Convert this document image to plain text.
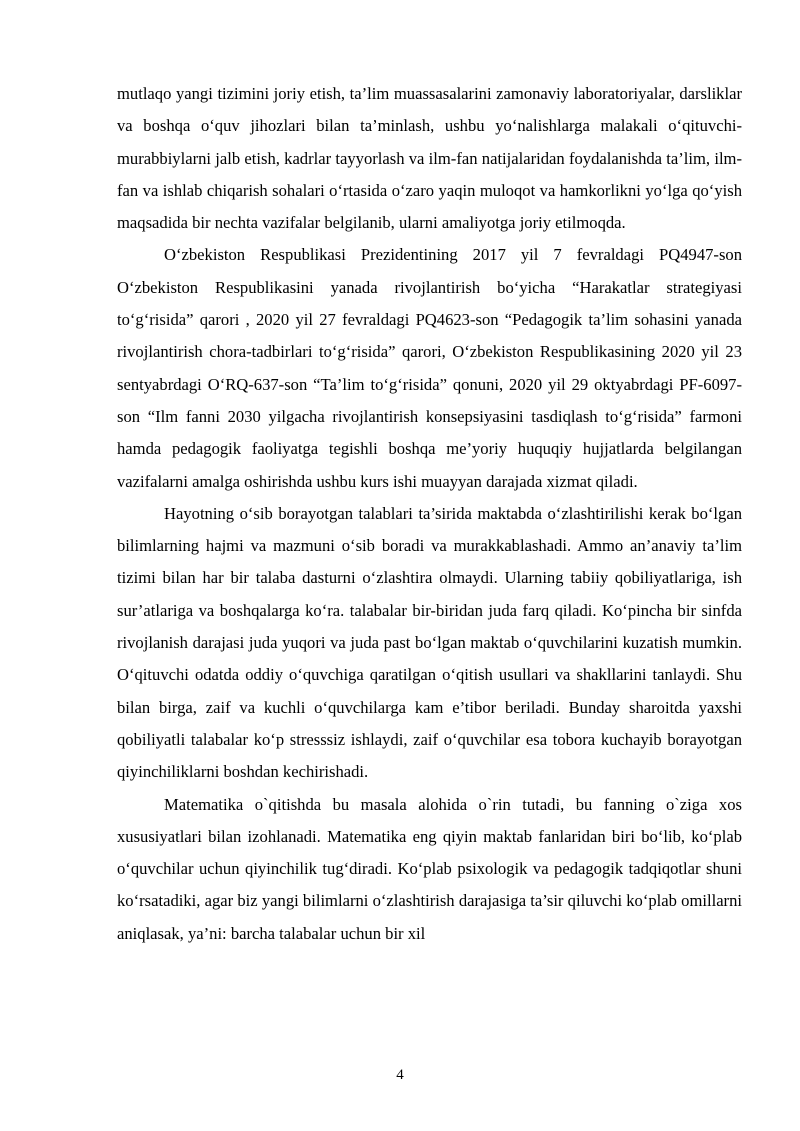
mutlaqo yangi tizimini joriy etish, ta’lim muassasalarini zamonaviy laboratoriyalar, darsliklar va boshqa o‘quv jihozlari bilan ta’minlash, ushbu yo‘nalishlarga malakali o‘qituvchi-murabbiylarni jalb etish, kadrlar tayyorlash va ilm-fan natijalaridan foydalanishda ta’lim, ilm-fan va ishlab chiqarish sohalari o‘rtasida o‘zaro yaqin muloqot va hamkorlikni yo‘lga qo‘yish maqsadida bir nechta vazifalar belgilanib, ularni amaliyotga joriy etilmoqda.

O‘zbekiston Respublikasi Prezidentining 2017 yil 7 fevraldagi PQ4947-son O‘zbekiston Respublikasini yanada rivojlantirish bo‘yicha “Harakatlar strategiyasi to‘g‘risida” qarori , 2020 yil 27 fevraldagi PQ4623-son “Pedagogik ta’lim sohasini yanada rivojlantirish chora-tadbirlari to‘g‘risida” qarori, O‘zbekiston Respublikasining 2020 yil 23 sentyabrdagi O‘RQ-637-son “Ta’lim to‘g‘risida” qonuni, 2020 yil 29 oktyabrdagi PF-6097- son “Ilm fanni 2030 yilgacha rivojlantirish konsepsiyasini tasdiqlash to‘g‘risida” farmoni hamda pedagogik faoliyatga tegishli boshqa me’yoriy huquqiy hujjatlarda belgilangan vazifalarni amalga oshirishda ushbu kurs ishi muayyan darajada xizmat qiladi.

Hayotning o‘sib borayotgan talablari ta’sirida maktabda o‘zlashtirilishi kerak bo‘lgan bilimlarning hajmi va mazmuni o‘sib boradi va murakkablashadi. Ammo an’anaviy ta’lim tizimi bilan har bir talaba dasturni o‘zlashtira olmaydi. Ularning tabiiy qobiliyatlariga, ish sur’atlariga va boshqalarga ko‘ra. talabalar bir-biridan juda farq qiladi. Ko‘pincha bir sinfda rivojlanish darajasi juda yuqori va juda past bo‘lgan maktab o‘quvchilarini kuzatish mumkin. O‘qituvchi odatda oddiy o‘quvchiga qaratilgan o‘qitish usullari va shakllarini tanlaydi. Shu bilan birga, zaif va kuchli o‘quvchilarga kam e’tibor beriladi. Bunday sharoitda yaxshi qobiliyatli talabalar ko‘p stresssiz ishlaydi, zaif o‘quvchilar esa tobora kuchayib borayotgan qiyinchiliklarni boshdan kechirishadi.

Matematika o`qitishda bu masala alohida o`rin tutadi, bu fanning o`ziga xos xususiyatlari bilan izohlanadi. Matematika eng qiyin maktab fanlaridan biri bo‘lib, ko‘plab o‘quvchilar uchun qiyinchilik tug‘diradi. Ko‘plab psixologik va pedagogik tadqiqotlar shuni ko‘rsatadiki, agar biz yangi bilimlarni o‘zlashtirish darajasiga ta’sir qiluvchi ko‘plab omillarni aniqlasak, ya’ni: barcha talabalar uchun bir xil

4
